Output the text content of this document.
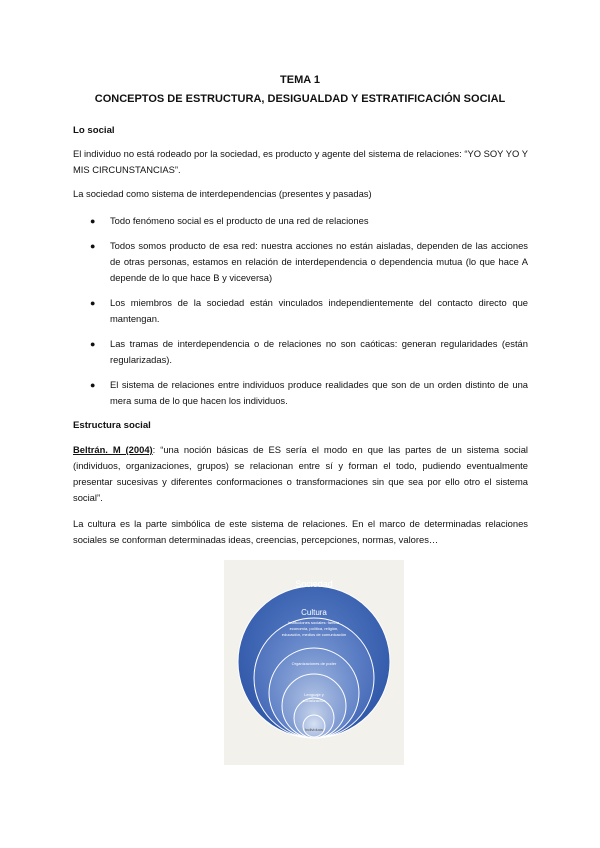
TEMA 1
CONCEPTOS DE ESTRUCTURA, DESIGUALDAD Y ESTRATIFICACIÓN SOCIAL
Lo social
El individuo no está rodeado por la sociedad, es producto y agente del sistema de relaciones: “YO SOY YO Y MIS CIRCUNSTANCIAS”.
La sociedad como sistema de interdependencias (presentes y pasadas)
● Todo fenómeno social es el producto de una red de relaciones
● Todos somos producto de esa red: nuestra acciones no están aisladas, dependen de las acciones de otras personas, estamos en relación de interdependencia o dependencia mutua (lo que hace A depende de lo que hace B y viceversa)
● Los miembros de la sociedad están vinculados independientemente del contacto directo que mantengan.
● Las tramas de interdependencia o de relaciones no son caóticas: generan regularidades (están regularizadas).
● El sistema de relaciones entre individuos produce realidades que son de un orden distinto de una mera suma de lo que hacen los individuos.
Estructura social
Beltrán. M (2004): “una noción básicas de ES sería el modo en que las partes de un sistema social (individuos, organizaciones, grupos) se relacionan entre sí y forman el todo, pudiendo eventualmente presentar sucesivas y diferentes conformaciones o transformaciones sin que sea por ello otro el sistema social”.
La cultura es la parte simbólica de este sistema de relaciones. En el marco de determinadas relaciones sociales se conforman determinadas ideas, creencias, percepciones, normas, valores…
Sociedad
Cultura
Instituciones sociales: familia, economía, política, religión, educación, medios de comunicación
Organizaciones de poder
Lenguaje y socialización
Individuos
